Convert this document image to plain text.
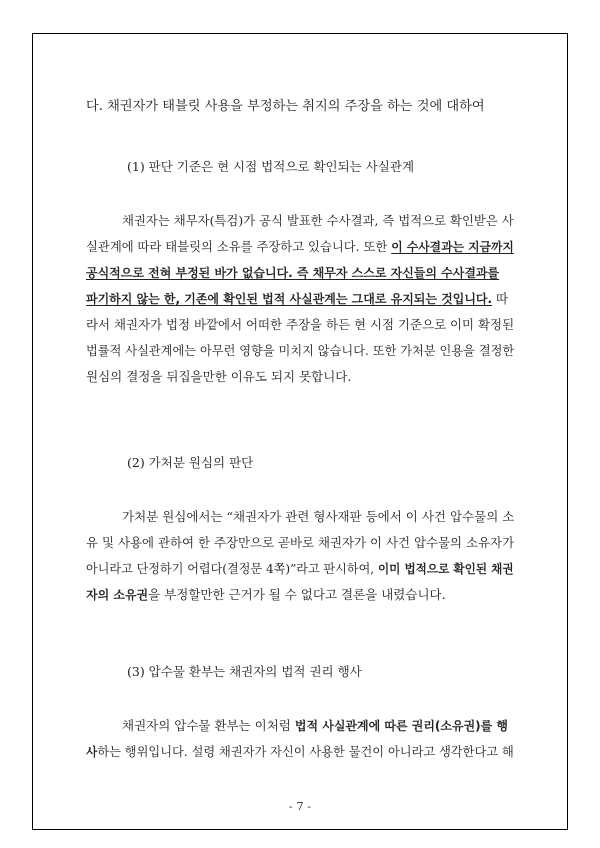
다. 채권자가 태블릿 사용을 부정하는 취지의 주장을 하는 것에 대하여
(1) 판단 기준은 현 시점 법적으로 확인되는 사실관계
채권자는 채무자(특검)가 공식 발표한 수사결과, 즉 법적으로 확인받은 사
실관계에 따라 태블릿의 소유를 주장하고 있습니다. 또한 이 수사결과는 지금까지
공식적으로 전혀 부정된 바가 없습니다. 즉 채무자 스스로 자신들의 수사결과를
파기하지 않는 한, 기존에 확인된 법적 사실관계는 그대로 유지되는 것입니다. 따
라서 채권자가 법정 바깥에서 어떠한 주장을 하든 현 시점 기준으로 이미 확정된
법률적 사실관계에는 아무런 영향을 미치지 않습니다. 또한 가처분 인용을 결정한
원심의 결정을 뒤집을만한 이유도 되지 못합니다.
(2) 가처분 원심의 판단
가처분 원심에서는 “채권자가 관련 형사재판 등에서 이 사건 압수물의 소
유 및 사용에 관하여 한 주장만으로 곧바로 채권자가 이 사건 압수물의 소유자가
아니라고 단정하기 어렵다(결정문 4쪽)”라고 판시하여, 이미 법적으로 확인된 채권
자의 소유권을 부정할만한 근거가 될 수 없다고 결론을 내렸습니다.
(3) 압수물 환부는 채권자의 법적 권리 행사
채권자의 압수물 환부는 이처럼 법적 사실관계에 따른 권리(소유권)를 행
사하는 행위입니다. 설령 채권자가 자신이 사용한 물건이 아니라고 생각한다고 해
- 7 -
